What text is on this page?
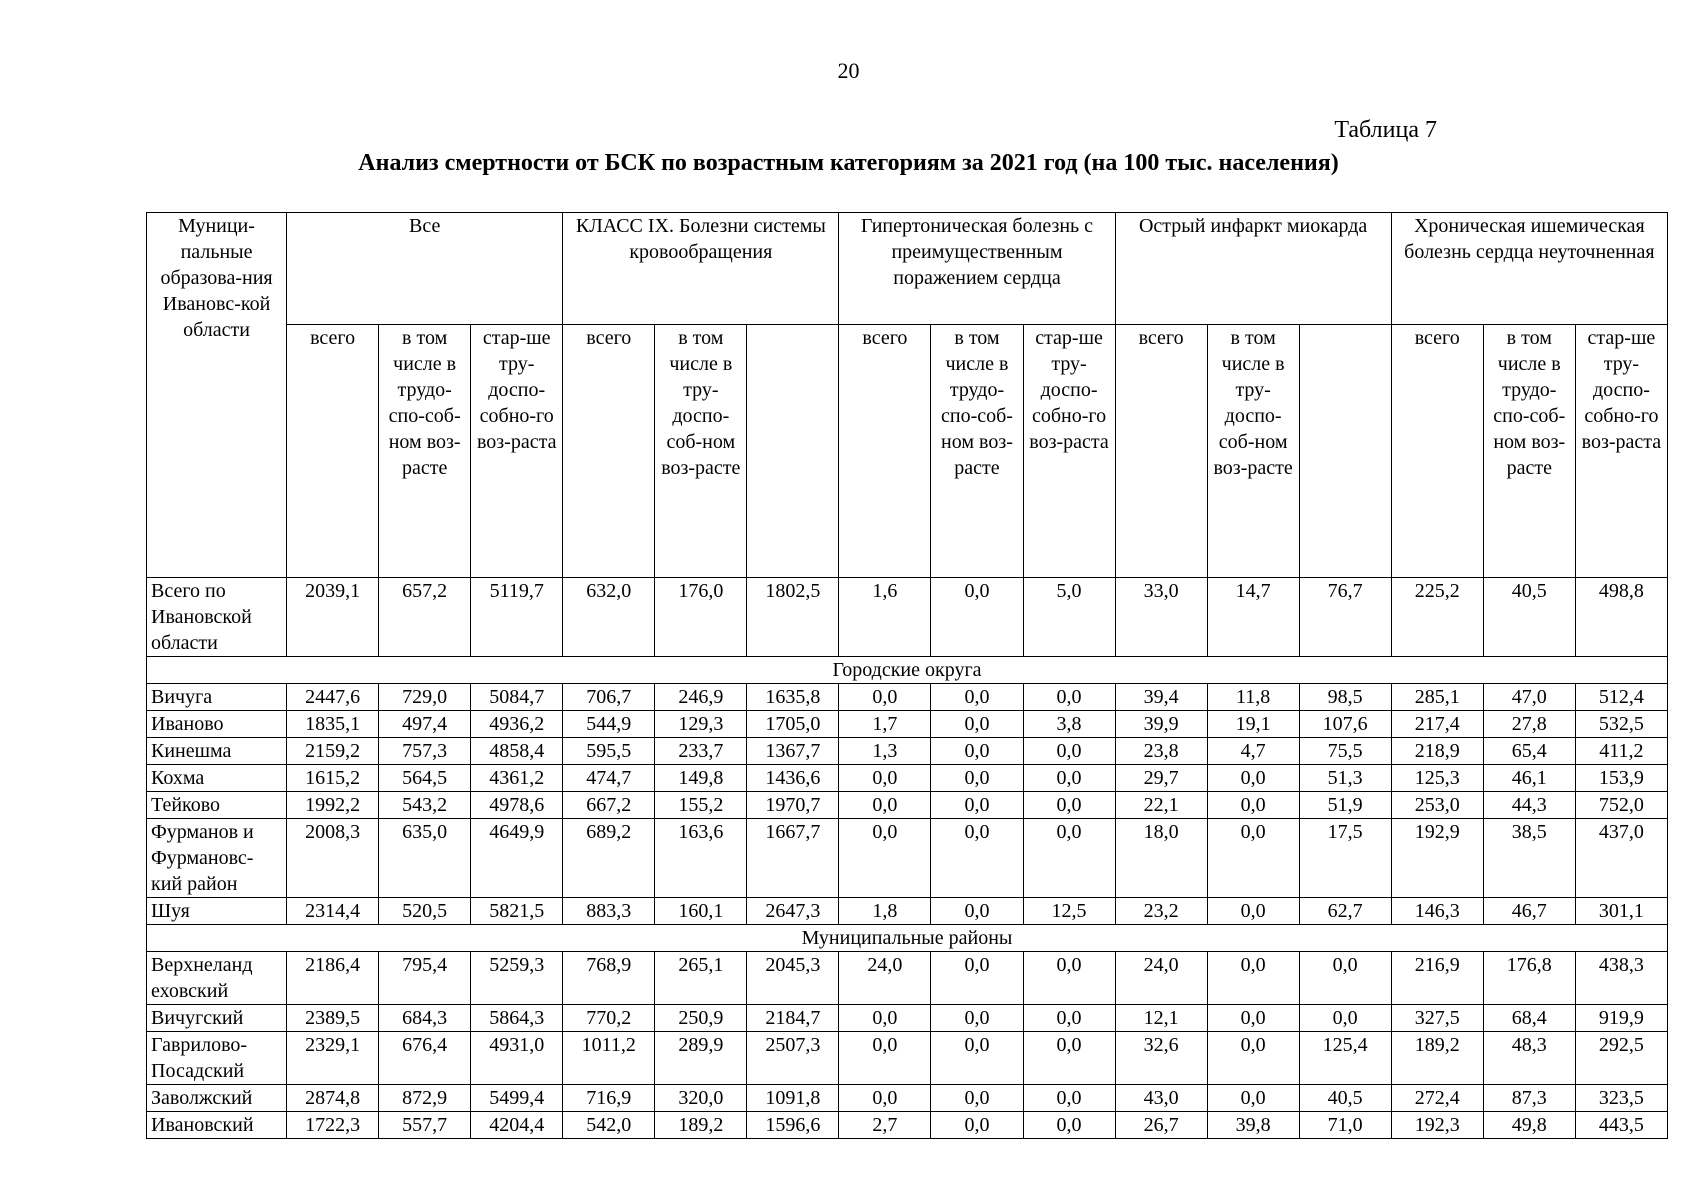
20
Таблица 7
Анализ смертности от БСК по возрастным категориям за 2021 год (на 100 тыс. населения)
Муници-пальные образова-ния Ивановс-кой области	Все			КЛАСС IX. Болезни системы кровообращения			Гипертоническая болезнь с преимущественным поражением сердца			Острый инфаркт миокарда			Хроническая ишемическая болезнь сердца неуточненная		
	всего	в том числе в трудо-спо-соб-ном воз-расте	стар-ше тру-доспо-собно-го воз-раста	всего	в том числе в тру-доспо-соб-ном воз-расте		всего	в том числе в трудо-спо-соб-ном воз-расте	стар-ше тру-доспо-собно-го воз-раста	всего	в том числе в тру-доспо-соб-ном воз-расте		всего	в том числе в трудо-спо-соб-ном воз-расте	стар-ше тру-доспо-собно-го воз-раста
Всего по Ивановской области	2039,1	657,2	5119,7	632,0	176,0	1802,5	1,6	0,0	5,0	33,0	14,7	76,7	225,2	40,5	498,8
Городские округа															
Вичуга	2447,6	729,0	5084,7	706,7	246,9	1635,8	0,0	0,0	0,0	39,4	11,8	98,5	285,1	47,0	512,4
Иваново	1835,1	497,4	4936,2	544,9	129,3	1705,0	1,7	0,0	3,8	39,9	19,1	107,6	217,4	27,8	532,5
Кинешма	2159,2	757,3	4858,4	595,5	233,7	1367,7	1,3	0,0	0,0	23,8	4,7	75,5	218,9	65,4	411,2
Кохма	1615,2	564,5	4361,2	474,7	149,8	1436,6	0,0	0,0	0,0	29,7	0,0	51,3	125,3	46,1	153,9
Тейково	1992,2	543,2	4978,6	667,2	155,2	1970,7	0,0	0,0	0,0	22,1	0,0	51,9	253,0	44,3	752,0
Фурманов и Фурмановс-кий район	2008,3	635,0	4649,9	689,2	163,6	1667,7	0,0	0,0	0,0	18,0	0,0	17,5	192,9	38,5	437,0
Шуя	2314,4	520,5	5821,5	883,3	160,1	2647,3	1,8	0,0	12,5	23,2	0,0	62,7	146,3	46,7	301,1
Муниципальные районы															
Верхнеланд еховский	2186,4	795,4	5259,3	768,9	265,1	2045,3	24,0	0,0	0,0	24,0	0,0	0,0	216,9	176,8	438,3
Вичугский	2389,5	684,3	5864,3	770,2	250,9	2184,7	0,0	0,0	0,0	12,1	0,0	0,0	327,5	68,4	919,9
Гаврилово-Посадский	2329,1	676,4	4931,0	1011,2	289,9	2507,3	0,0	0,0	0,0	32,6	0,0	125,4	189,2	48,3	292,5
Заволжский	2874,8	872,9	5499,4	716,9	320,0	1091,8	0,0	0,0	0,0	43,0	0,0	40,5	272,4	87,3	323,5
Ивановский	1722,3	557,7	4204,4	542,0	189,2	1596,6	2,7	0,0	0,0	26,7	39,8	71,0	192,3	49,8	443,5
